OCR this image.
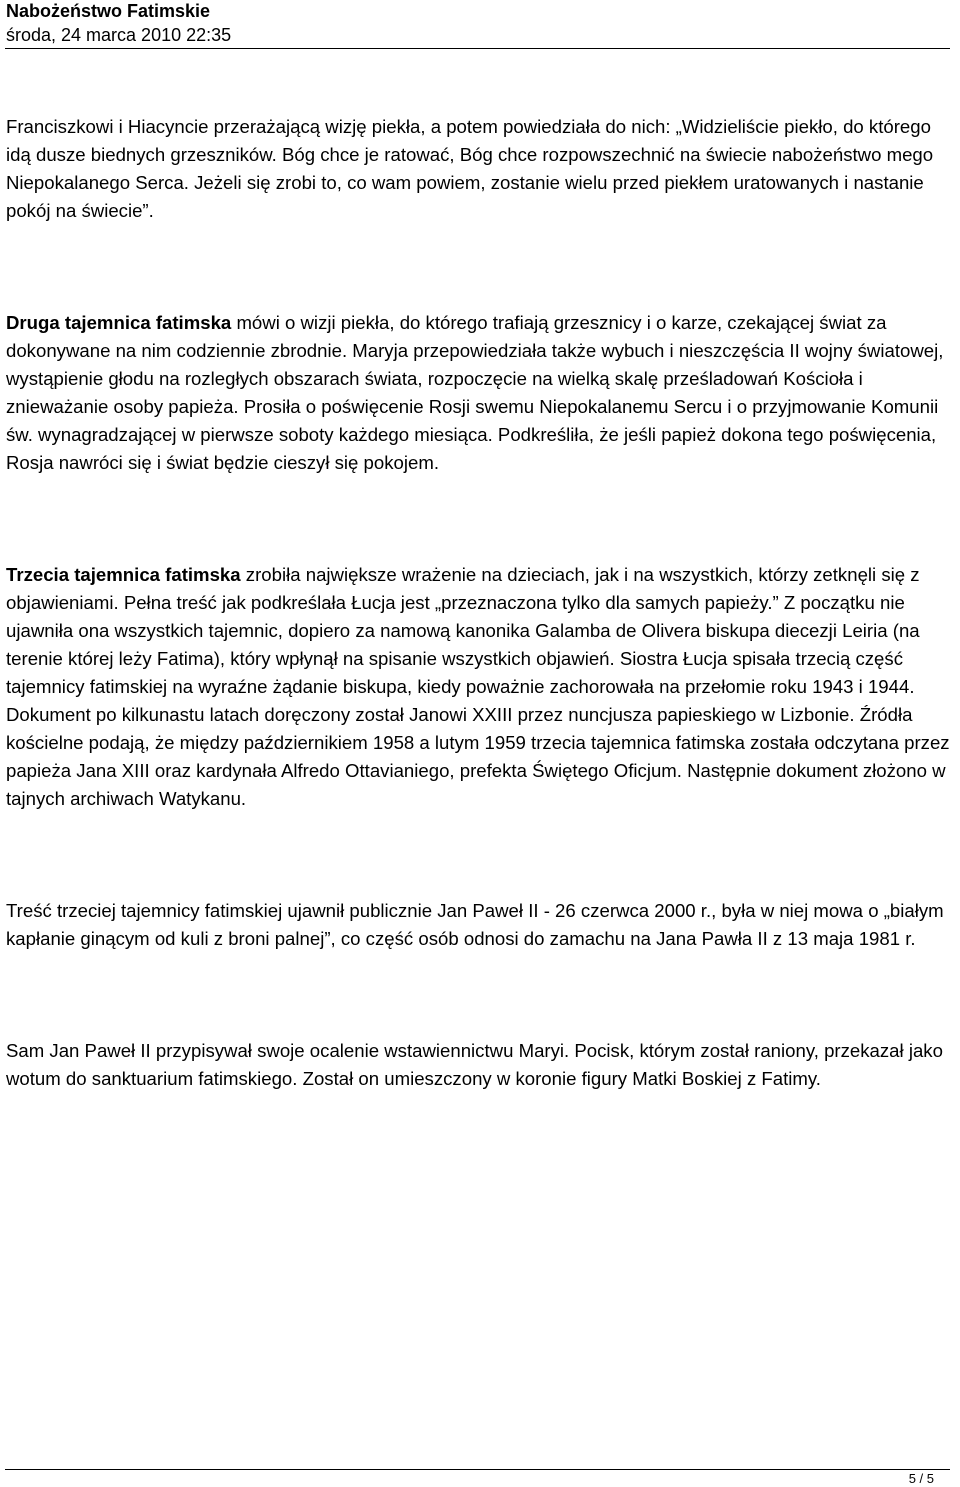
Nabożeństwo Fatimskie
środa, 24 marca 2010 22:35

Franciszkowi i Hiacyncie przerażającą wizję piekła, a potem powiedziała do nich: „Widzieliście piekło, do którego idą dusze biednych grzeszników. Bóg chce je ratować, Bóg chce rozpowszechnić na świecie nabożeństwo mego Niepokalanego Serca. Jeżeli się zrobi to, co wam powiem, zostanie wielu przed piekłem uratowanych i nastanie pokój na świecie”.

Druga tajemnica fatimska mówi o wizji piekła, do którego trafiają grzesznicy i o karze, czekającej świat za dokonywane na nim codziennie zbrodnie. Maryja przepowiedziała także wybuch i nieszczęścia II wojny światowej, wystąpienie głodu na rozległych obszarach świata, rozpoczęcie na wielką skalę prześladowań Kościoła i znieważanie osoby papieża. Prosiła o poświęcenie Rosji swemu Niepokalanemu Sercu i o przyjmowanie Komunii św. wynagradzającej w pierwsze soboty każdego miesiąca. Podkreśliła, że jeśli papież dokona tego poświęcenia, Rosja nawróci się i świat będzie cieszył się pokojem.

Trzecia tajemnica fatimska zrobiła największe wrażenie na dzieciach, jak i na wszystkich, którzy zetknęli się z objawieniami. Pełna treść jak podkreślała Łucja jest „przeznaczona tylko dla samych papieży.” Z początku nie ujawniła ona wszystkich tajemnic, dopiero za namową kanonika Galamba de Olivera biskupa diecezji Leiria (na terenie której leży Fatima), który wpłynął na spisanie wszystkich objawień. Siostra Łucja spisała trzecią część tajemnicy fatimskiej na wyraźne żądanie biskupa, kiedy poważnie zachorowała na przełomie roku 1943 i 1944. Dokument po kilkunastu latach doręczony został Janowi XXIII przez nuncjusza papieskiego w Lizbonie. Źródła kościelne podają, że między październikiem 1958 a lutym 1959 trzecia tajemnica fatimska została odczytana przez papieża Jana XIII oraz kardynała Alfredo Ottavianiego, prefekta Świętego Oficjum. Następnie dokument złożono w tajnych archiwach Watykanu.

Treść trzeciej tajemnicy fatimskiej ujawnił publicznie Jan Paweł II - 26 czerwca 2000 r., była w niej mowa o „białym kapłanie ginącym od kuli z broni palnej”, co część osób odnosi do zamachu na Jana Pawła II z 13 maja 1981 r.

Sam Jan Paweł II przypisywał swoje ocalenie wstawiennictwu Maryi. Pocisk, którym został raniony, przekazał jako wotum do sanktuarium fatimskiego. Został on umieszczony w koronie figury Matki Boskiej z Fatimy.

5 / 5
